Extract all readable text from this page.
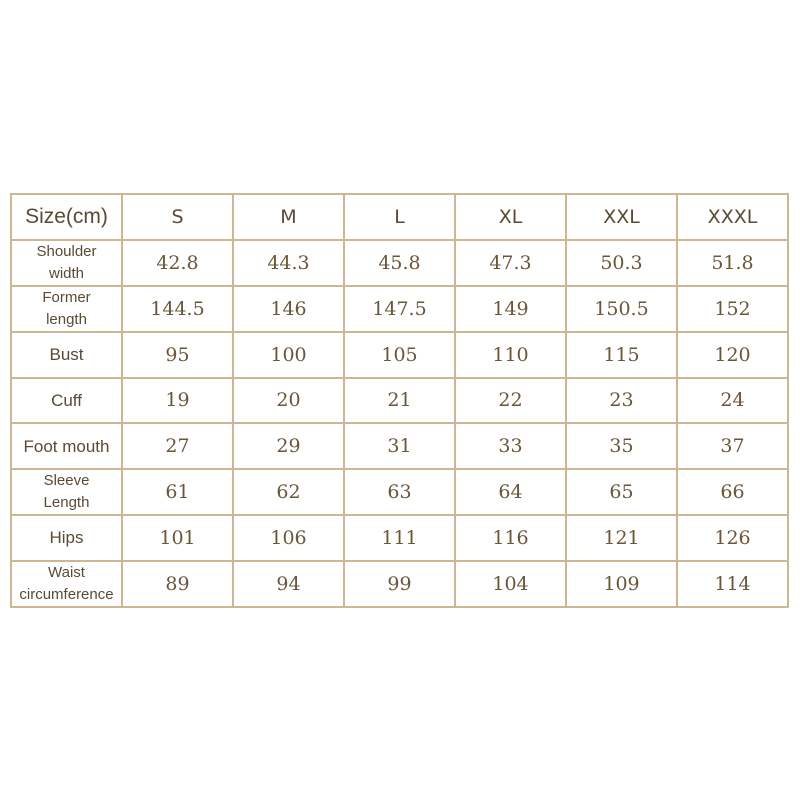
Size(cm)	S	M	L	XL	XXL	XXXL
Shoulder
width	42.8	44.3	45.8	47.3	50.3	51.8
Former
length	144.5	146	147.5	149	150.5	152
Bust	95	100	105	110	115	120
Cuff	19	20	21	22	23	24
Foot mouth	27	29	31	33	35	37
Sleeve
Length	61	62	63	64	65	66
Hips	101	106	111	116	121	126
Waist
circumference	89	94	99	104	109	114
